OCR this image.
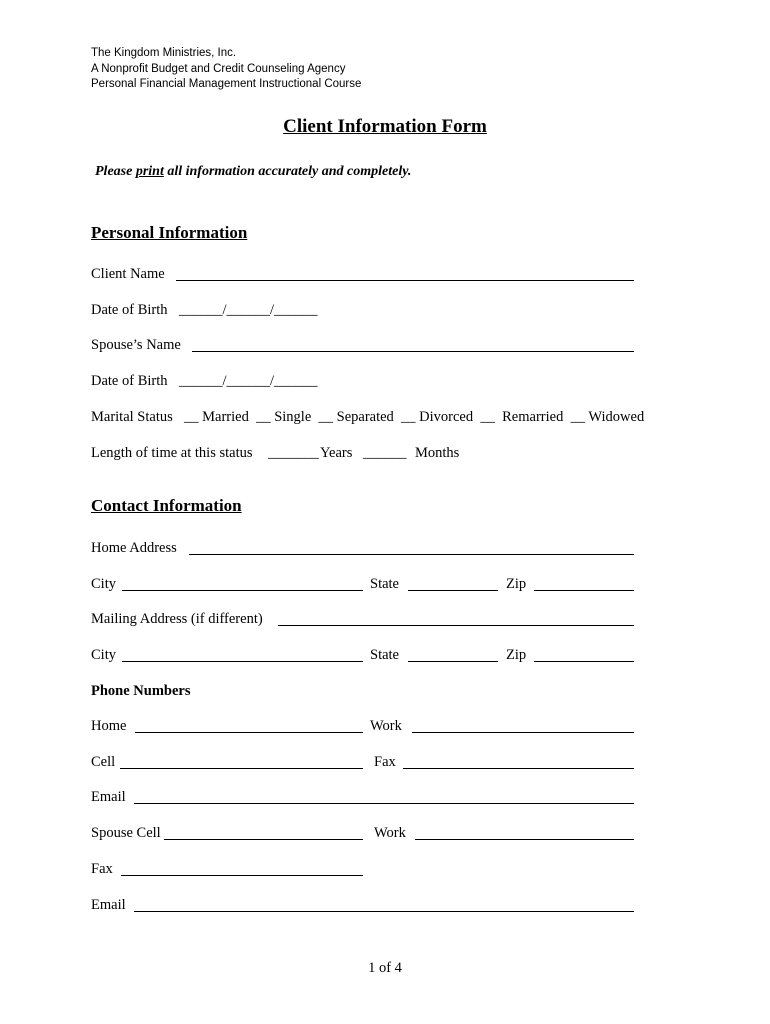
The Kingdom Ministries, Inc.
A Nonprofit Budget and Credit Counseling Agency
Personal Financial Management Instructional Course
Client Information Form
Please print all information accurately and completely.
Personal Information
Client Name
Date of Birth ______/______/______
Spouse’s Name
Date of Birth ______/______/______

Marital Status

__ Married  __ Single  __ Separated  __ Divorced  __  Remarried  __ Widowed

Length of time at this status _______ Years ______ Months
Contact Information
Home Address
City	State	Zip
Mailing Address (if different)
City	State	Zip
Phone Numbers
Home	Work
Cell	Fax
Email
Spouse Cell	Work
Fax
Email
1 of 4
